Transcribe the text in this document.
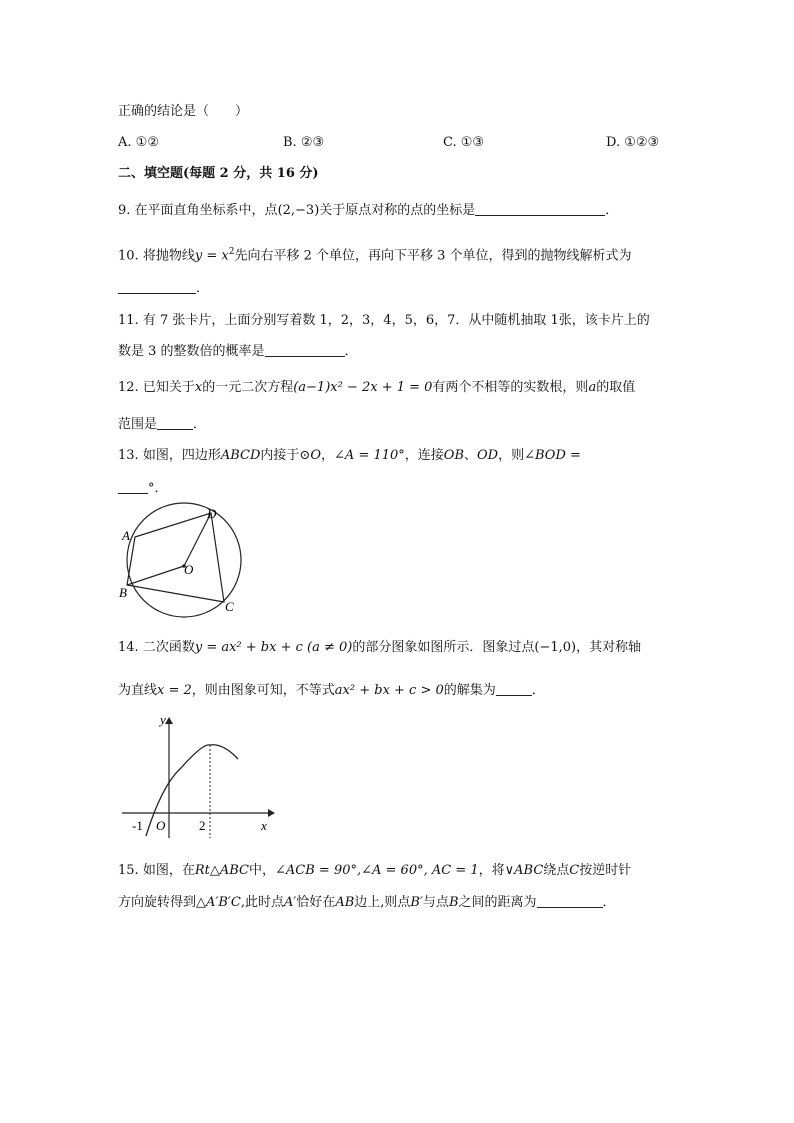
正确的结论是（　　）
A. ①②	B. ②③	C. ①③	D. ①②③
二、填空题(每题 2 分，共 16 分)
9. 在平面直角坐标系中，点(2,−3)关于原点对称的点的坐标是	．
10. 将抛物线$y = x^2$先向右平移 2 个单位，再向下平移 3 个单位，得到的抛物线解析式为
．
11. 有 7 张卡片，上面分别写着数 1，2，3，4，5，6，7．从中随机抽取 1张，该卡片上的
数是 3 的整数倍的概率是	．
12. 已知关于x的一元二次方程(a−1)x² − 2x + 1 = 0有两个不相等的实数根，则a的取值
范围是	．
13. 如图，四边形ABCD内接于⊙O，∠A = 110°，连接OB、OD，则∠BOD =
°．
A
B
C
D
O
14. 二次函数y = ax² + bx + c (a ≠ 0)的部分图象如图所示．图象过点(−1,0)，其对称轴
为直线x = 2，则由图象可知，不等式ax² + bx + c > 0的解集为	．
y
x
-1 O	2
15. 如图，在Rt△ABC中，∠ACB = 90°,∠A = 60°, AC = 1，将∨ABC绕点C按逆时针
方向旋转得到△A′B′C,此时点A′恰好在AB边上,则点B′与点B之间的距离为	．
